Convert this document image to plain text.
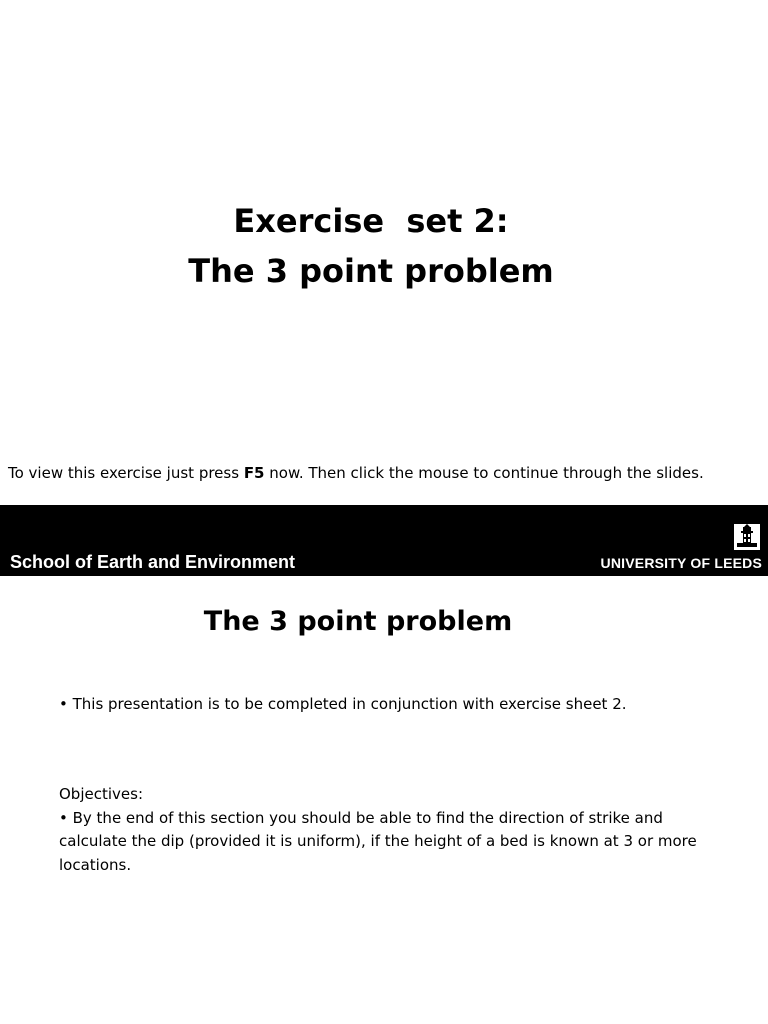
Exercise  set 2:
The 3 point problem
To view this exercise just press F5 now. Then click the mouse to continue through the slides.
School of Earth and Environment	UNIVERSITY OF LEEDS
The 3 point problem
• This presentation is to be completed in conjunction with exercise sheet 2.
Objectives:
• By the end of this section you should be able to find the direction of strike and calculate the dip (provided it is uniform), if the height of a bed is known at 3 or more locations.
